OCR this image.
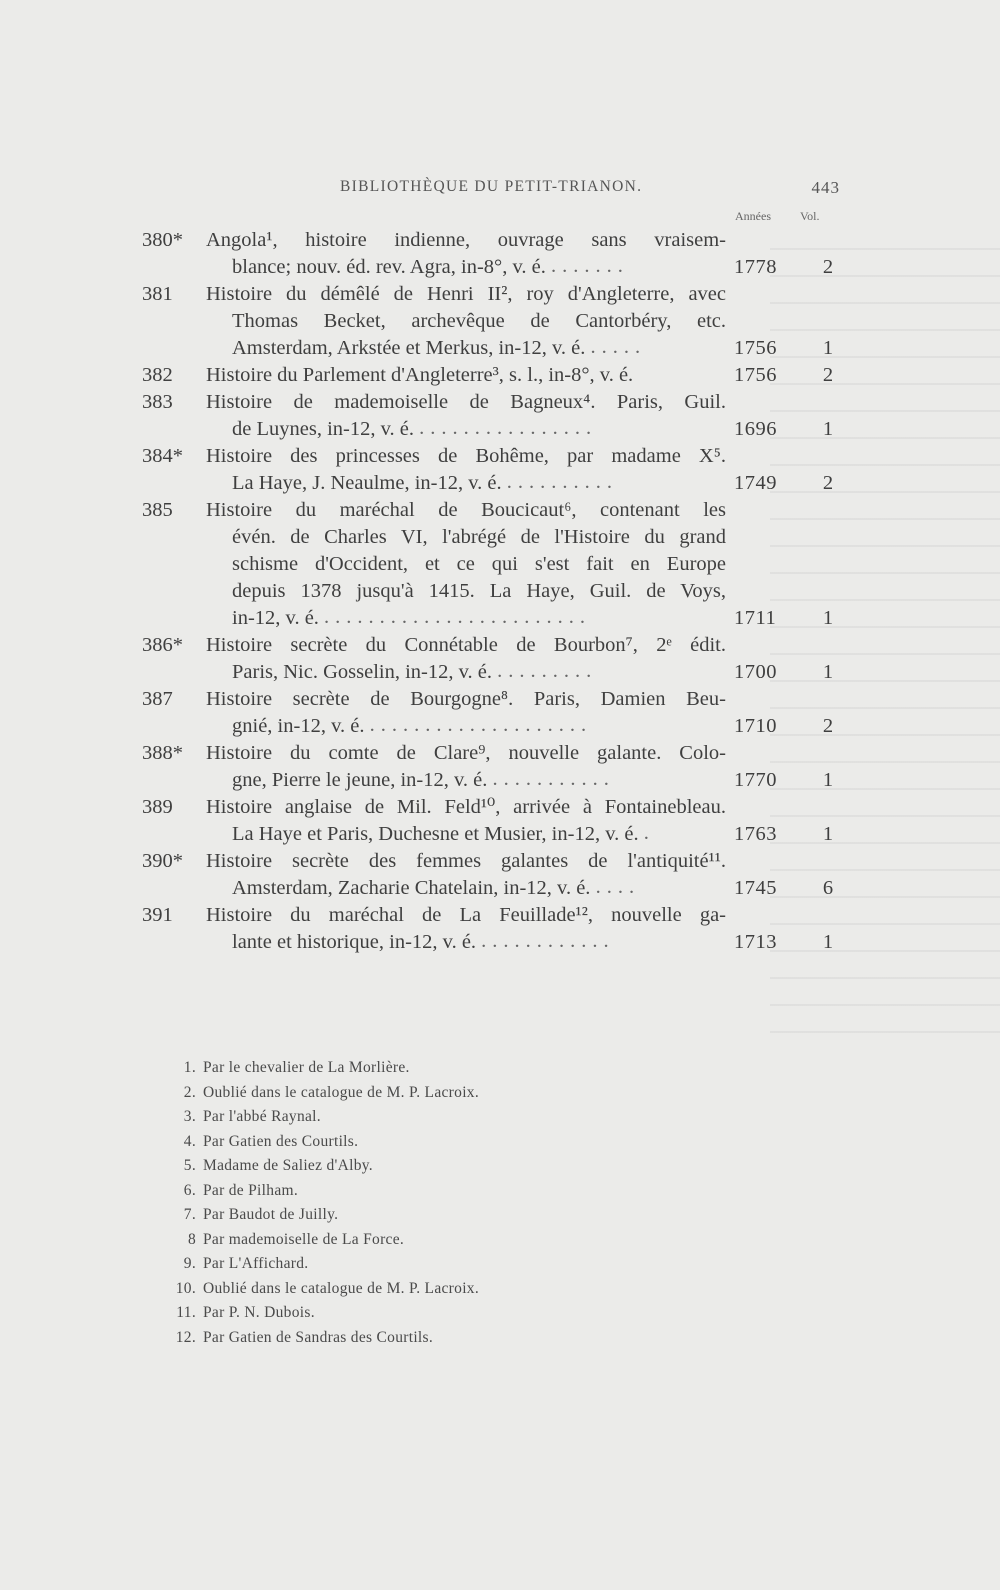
BIBLIOTHÈQUE DU PETIT-TRIANON.	443
Années Vol.
380*	Angola¹, histoire indienne, ouvrage sans vraisem-
blance; nouv. éd. rev. Agra, in-8°, v. é. .......	1778	2
381	Histoire du démêlé de Henri II², roy d'Angleterre, avec
Thomas Becket, archevêque de Cantorbéry, etc.
Amsterdam, Arkstée et Merkus, in-12, v. é. .....	1756	1
382	Histoire du Parlement d'Angleterre³, s. l., in-8°, v. é.	1756	2
383	Histoire de mademoiselle de Bagneux⁴. Paris, Guil.
de Luynes, in-12, v. é. ................	1696	1
384*	Histoire des princesses de Bohême, par madame X⁵.
La Haye, J. Neaulme, in-12, v. é. ..........	1749	2
385	Histoire du maréchal de Boucicaut⁶, contenant les
évén. de Charles VI, l'abrégé de l'Histoire du grand
schisme d'Occident, et ce qui s'est fait en Europe
depuis 1378 jusqu'à 1415. La Haye, Guil. de Voys,
in-12, v. é. ........................	1711	1
386*	Histoire secrète du Connétable de Bourbon⁷, 2ᵉ édit.
Paris, Nic. Gosselin, in-12, v. é. .........	1700	1
387	Histoire secrète de Bourgogne⁸. Paris, Damien Beu-
gnié, in-12, v. é. ....................	1710	2
388*	Histoire du comte de Clare⁹, nouvelle galante. Colo-
gne, Pierre le jeune, in-12, v. é. ...........	1770	1
389	Histoire anglaise de Mil. Feld¹⁰, arrivée à Fontainebleau.
La Haye et Paris, Duchesne et Musier, in-12, v. é. .	1763	1
390*	Histoire secrète des femmes galantes de l'antiquité¹¹.
Amsterdam, Zacharie Chatelain, in-12, v. é. ....	1745	6
391	Histoire du maréchal de La Feuillade¹², nouvelle ga-
lante et historique, in-12, v. é. ............	1713	1
1. Par le chevalier de La Morlière.
2. Oublié dans le catalogue de M. P. Lacroix.
3. Par l'abbé Raynal.
4. Par Gatien des Courtils.
5. Madame de Saliez d'Alby.
6. Par de Pilham.
7. Par Baudot de Juilly.
8 Par mademoiselle de La Force.
9. Par L'Affichard.
10. Oublié dans le catalogue de M. P. Lacroix.
11. Par P. N. Dubois.
12. Par Gatien de Sandras des Courtils.
